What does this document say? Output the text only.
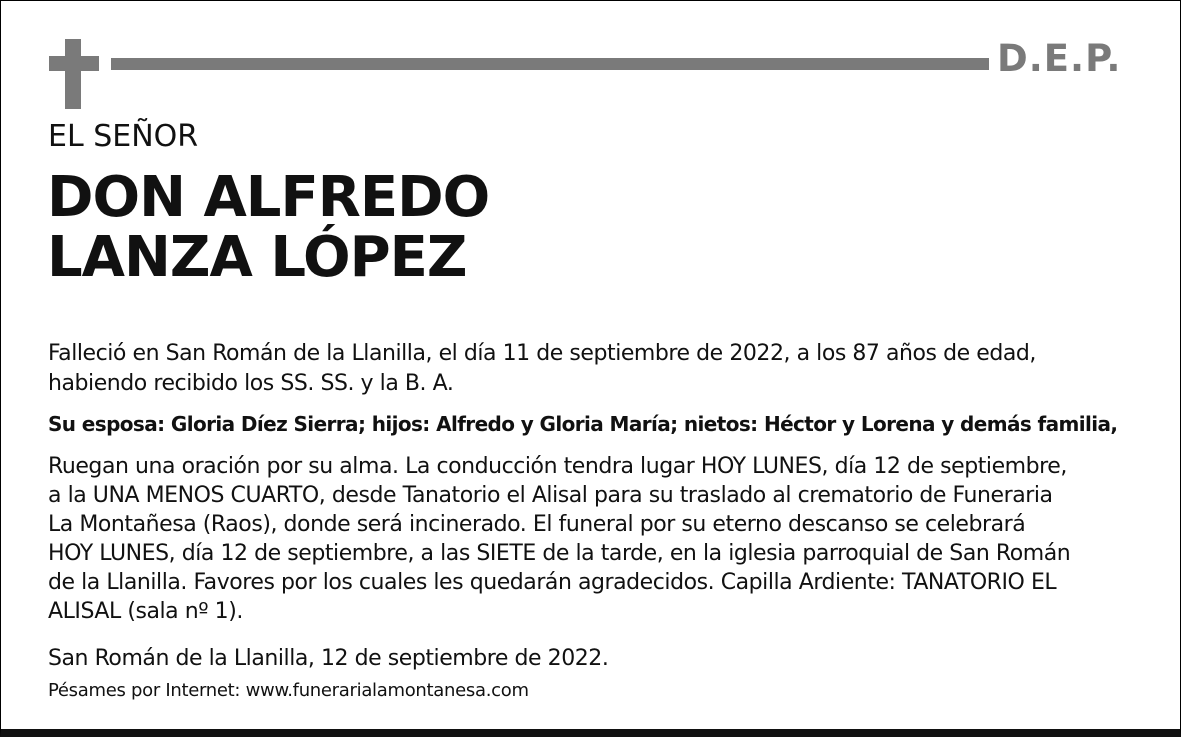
D.E.P.
EL SEÑOR
DON ALFREDO
LANZA LÓPEZ
Falleció en San Román de la Llanilla, el día 11 de septiembre de 2022, a los 87 años de edad,
habiendo recibido los SS. SS. y la B. A.
Su esposa: Gloria Díez Sierra; hijos: Alfredo y Gloria María; nietos: Héctor y Lorena y demás familia,
Ruegan una oración por su alma. La conducción tendra lugar HOY LUNES, día 12 de septiembre,
a la UNA MENOS CUARTO, desde Tanatorio el Alisal para su traslado al crematorio de Funeraria
La Montañesa (Raos), donde será incinerado. El funeral por su eterno descanso se celebrará
HOY LUNES, día 12 de septiembre, a las SIETE de la tarde, en la iglesia parroquial de San Román
de la Llanilla. Favores por los cuales les quedarán agradecidos. Capilla Ardiente: TANATORIO EL
ALISAL (sala nº 1).
San Román de la Llanilla, 12 de septiembre de 2022.
Pésames por Internet: www.funerarialamontanesa.com
